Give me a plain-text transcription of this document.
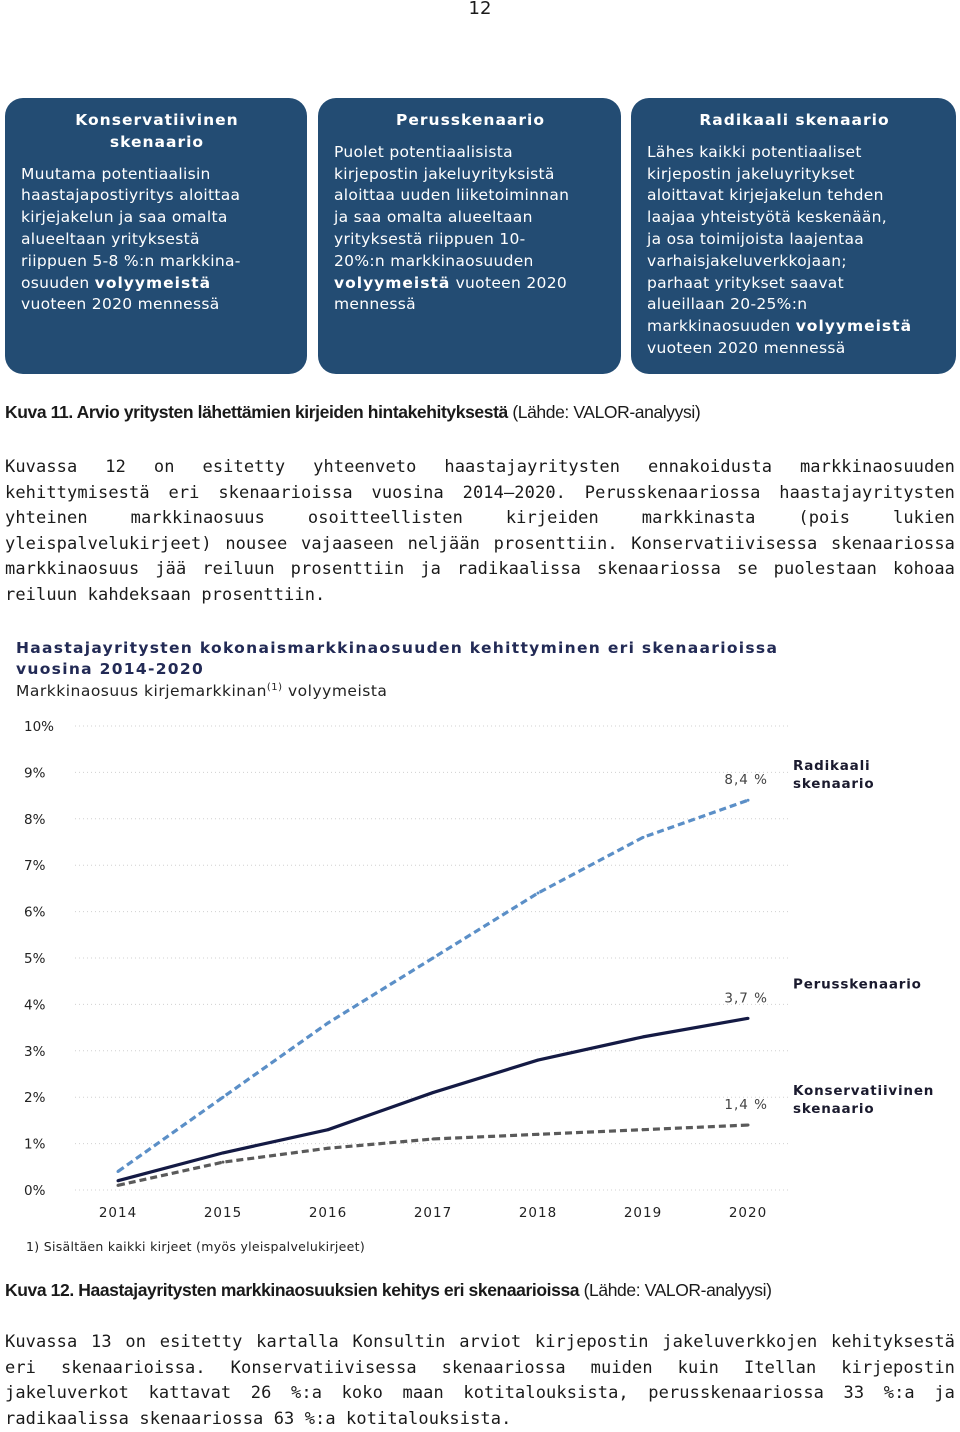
12
Konservatiivinen
skenaario
Muutama potentiaalisin
haastajapostiyritys aloittaa
kirjejakelun ja saa omalta
alueeltaan yrityksestä
riippuen 5-8 %:n markkina-
osuuden volyymeistä
vuoteen 2020 mennessä
Perusskenaario
Puolet potentiaalisista
kirjepostin jakeluyrityksistä
aloittaa uuden liiketoiminnan
ja saa omalta alueeltaan
yrityksestä riippuen 10-
20%:n markkinaosuuden
volyymeistä vuoteen 2020
mennessä
Radikaali skenaario
Lähes kaikki potentiaaliset
kirjepostin jakeluyritykset
aloittavat kirjejakelun tehden
laajaa yhteistyötä keskenään,
ja osa toimijoista laajentaa
varhaisjakeluverkkojaan;
parhaat yritykset saavat
alueillaan 20-25%:n
markkinaosuuden volyymeistä
vuoteen 2020 mennessä
Kuva 11. Arvio yritysten lähettämien kirjeiden hintakehityksestä (Lähde: VALOR-analyysi)
Kuvassa 12 on esitetty yhteenveto haastajayritysten ennakoidusta markkinaosuuden kehittymisestä eri skenaarioissa vuosina 2014–2020. Perusskenaariossa haastajayritysten yhteinen markkinaosuus osoitteellisten kirjeiden markkinasta (pois lukien yleispalvelukirjeet) nousee vajaaseen neljään prosenttiin. Konservatiivisessa skenaariossa markkinaosuus jää reiluun prosenttiin ja radikaalissa skenaariossa se puolestaan kohoaa reiluun kahdeksaan prosenttiin.
Haastajayritysten kokonaismarkkinaosuuden kehittyminen eri skenaarioissa
vuosina 2014-2020
Markkinaosuus kirjemarkkinan$^{(1)}$ volyymeista
0%
1%
2%
3%
4%
5%
6%
7%
8%
9%
10%
2014	2015	2016	2017	2018	2019	2020
8,4 %
Radikaali
skenaario
3,7 %
Perusskenaario
1,4 %
Konservatiivinen
skenaario
1) Sisältäen kaikki kirjeet (myös yleispalvelukirjeet)
Kuva 12. Haastajayritysten markkinaosuuksien kehitys eri skenaarioissa (Lähde: VALOR-analyysi)
Kuvassa 13 on esitetty kartalla Konsultin arviot kirjepostin jakeluverkkojen kehityksestä eri skenaarioissa. Konservatiivisessa skenaariossa muiden kuin Itellan kirjepostin jakeluverkot kattavat 26 %:a koko maan kotitalouksista, perusskenaariossa 33 %:a ja radikaalissa skenaariossa 63 %:a kotitalouksista.
